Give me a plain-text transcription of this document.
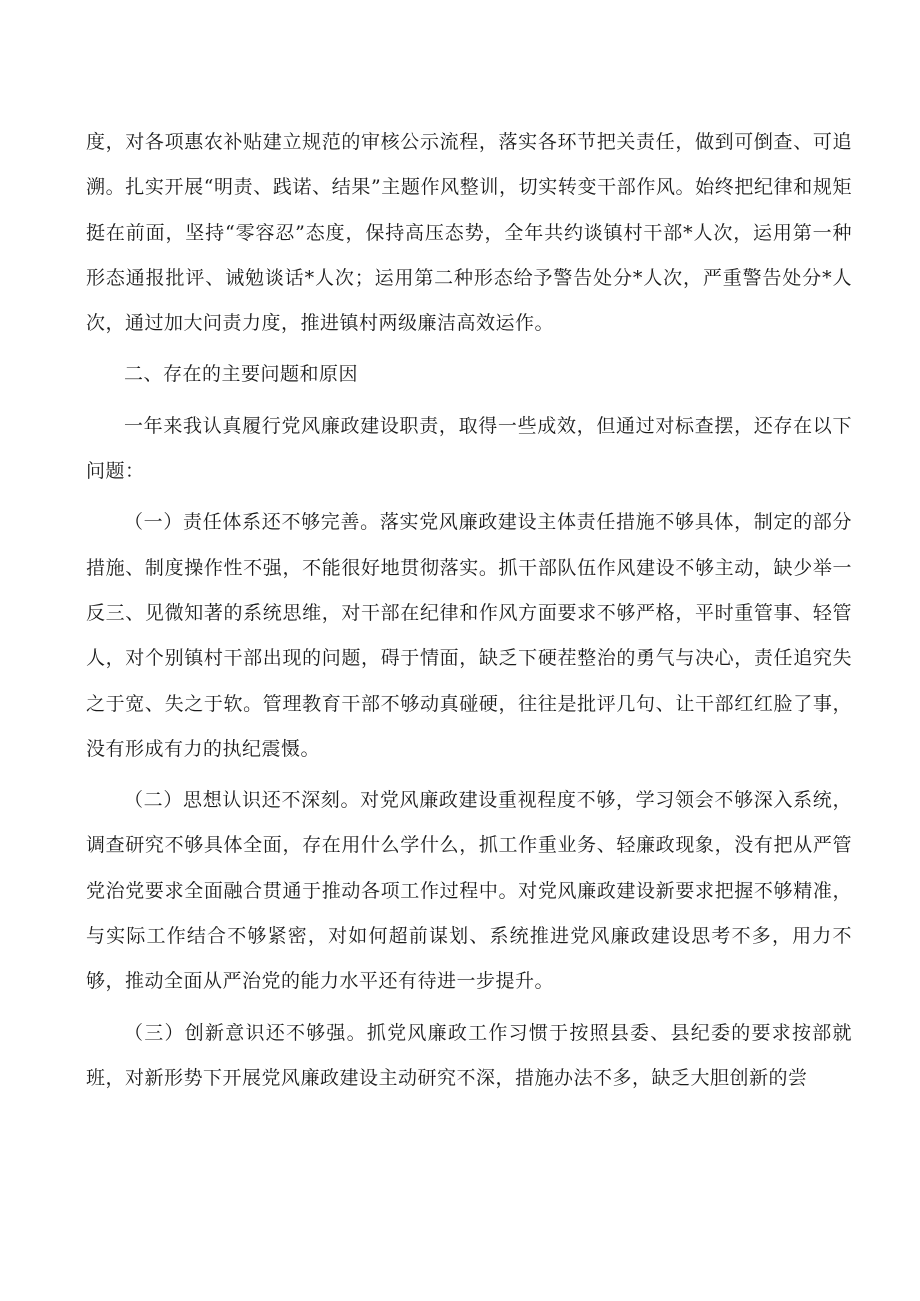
度，对各项惠农补贴建立规范的审核公示流程，落实各环节把关责任，做到可倒查、可追溯。扎实开展“明责、践诺、结果”主题作风整训，切实转变干部作风。始终把纪律和规矩挺在前面，坚持“零容忍”态度，保持高压态势，全年共约谈镇村干部*人次，运用第一种形态通报批评、诫勉谈话*人次；运用第二种形态给予警告处分*人次，严重警告处分*人次，通过加大问责力度，推进镇村两级廉洁高效运作。

二、存在的主要问题和原因

一年来我认真履行党风廉政建设职责，取得一些成效，但通过对标查摆，还存在以下问题：

（一）责任体系还不够完善。落实党风廉政建设主体责任措施不够具体，制定的部分措施、制度操作性不强，不能很好地贯彻落实。抓干部队伍作风建设不够主动，缺少举一反三、见微知著的系统思维，对干部在纪律和作风方面要求不够严格，平时重管事、轻管人，对个别镇村干部出现的问题，碍于情面，缺乏下硬茬整治的勇气与决心，责任追究失之于宽、失之于软。管理教育干部不够动真碰硬，往往是批评几句、让干部红红脸了事，没有形成有力的执纪震慑。

（二）思想认识还不深刻。对党风廉政建设重视程度不够，学习领会不够深入系统，调查研究不够具体全面，存在用什么学什么，抓工作重业务、轻廉政现象，没有把从严管党治党要求全面融合贯通于推动各项工作过程中。对党风廉政建设新要求把握不够精准，与实际工作结合不够紧密，对如何超前谋划、系统推进党风廉政建设思考不多，用力不够，推动全面从严治党的能力水平还有待进一步提升。

（三）创新意识还不够强。抓党风廉政工作习惯于按照县委、县纪委的要求按部就班，对新形势下开展党风廉政建设主动研究不深，措施办法不多，缺乏大胆创新的尝
